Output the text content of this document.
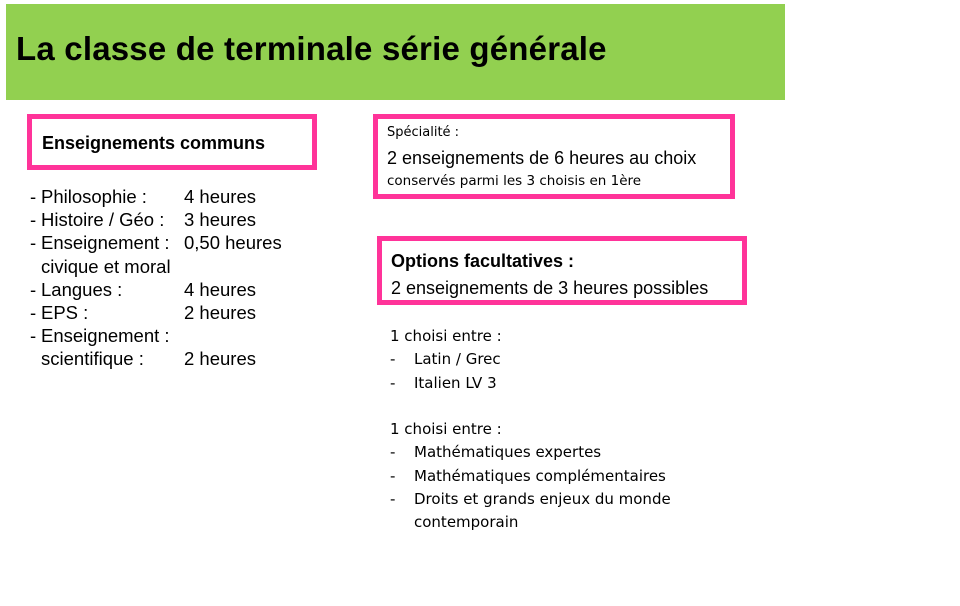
La classe de terminale série générale
Enseignements communs
- Philosophie : 4 heures
- Histoire / Géo : 3 heures
- Enseignement : 0,50 heures
civique et moral
- Langues :	4 heures
- EPS :	2 heures
- Enseignement :
scientifique : 2 heures
Spécialité :
2 enseignements de 6 heures au choix
conservés parmi les 3 choisis en 1ère
Options facultatives :
2 enseignements de 3 heures possibles
1 choisi entre :
- Latin / Grec
- Italien LV 3
1 choisi entre :
- Mathématiques expertes
- Mathématiques complémentaires
- Droits et grands enjeux du monde
contemporain
